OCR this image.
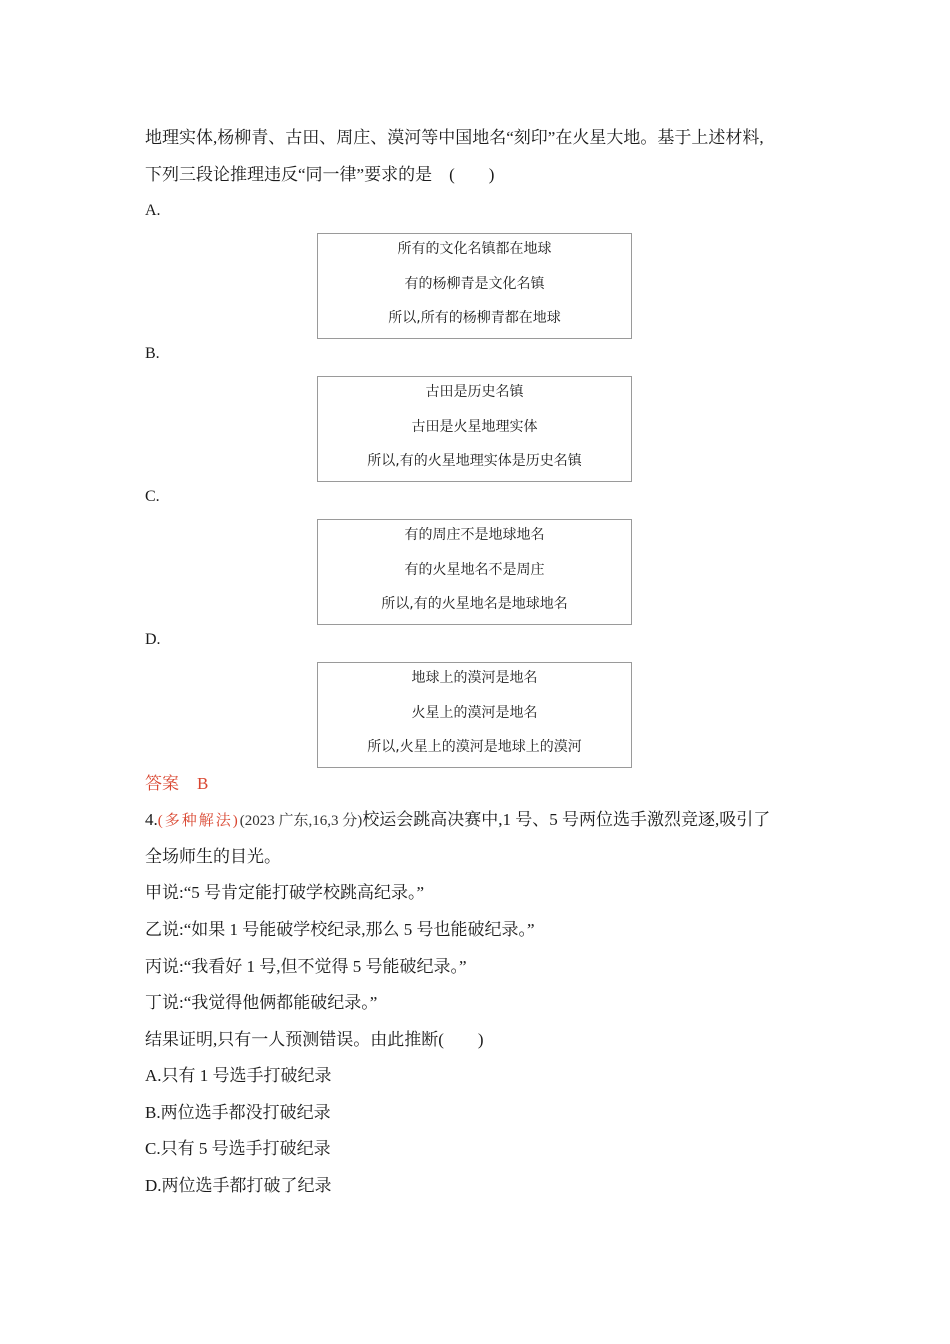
地理实体,杨柳青、古田、周庄、漠河等中国地名“刻印”在火星大地。基于上述材料,
下列三段论推理违反“同一律”要求的是　(　　)
A.
所有的文化名镇都在地球
有的杨柳青是文化名镇
所以,所有的杨柳青都在地球
B.
古田是历史名镇
古田是火星地理实体
所以,有的火星地理实体是历史名镇
C.
有的周庄不是地球地名
有的火星地名不是周庄
所以,有的火星地名是地球地名
D.
地球上的漠河是地名
火星上的漠河是地名
所以,火星上的漠河是地球上的漠河
答案 B
4.(多种解法)(2023 广东,16,3 分)校运会跳高决赛中,1 号、5 号两位选手激烈竞逐,吸引了
全场师生的目光。
甲说:“5 号肯定能打破学校跳高纪录。”
乙说:“如果 1 号能破学校纪录,那么 5 号也能破纪录。”
丙说:“我看好 1 号,但不觉得 5 号能破纪录。”
丁说:“我觉得他俩都能破纪录。”
结果证明,只有一人预测错误。由此推断(　　)
A.只有 1 号选手打破纪录
B.两位选手都没打破纪录
C.只有 5 号选手打破纪录
D.两位选手都打破了纪录
